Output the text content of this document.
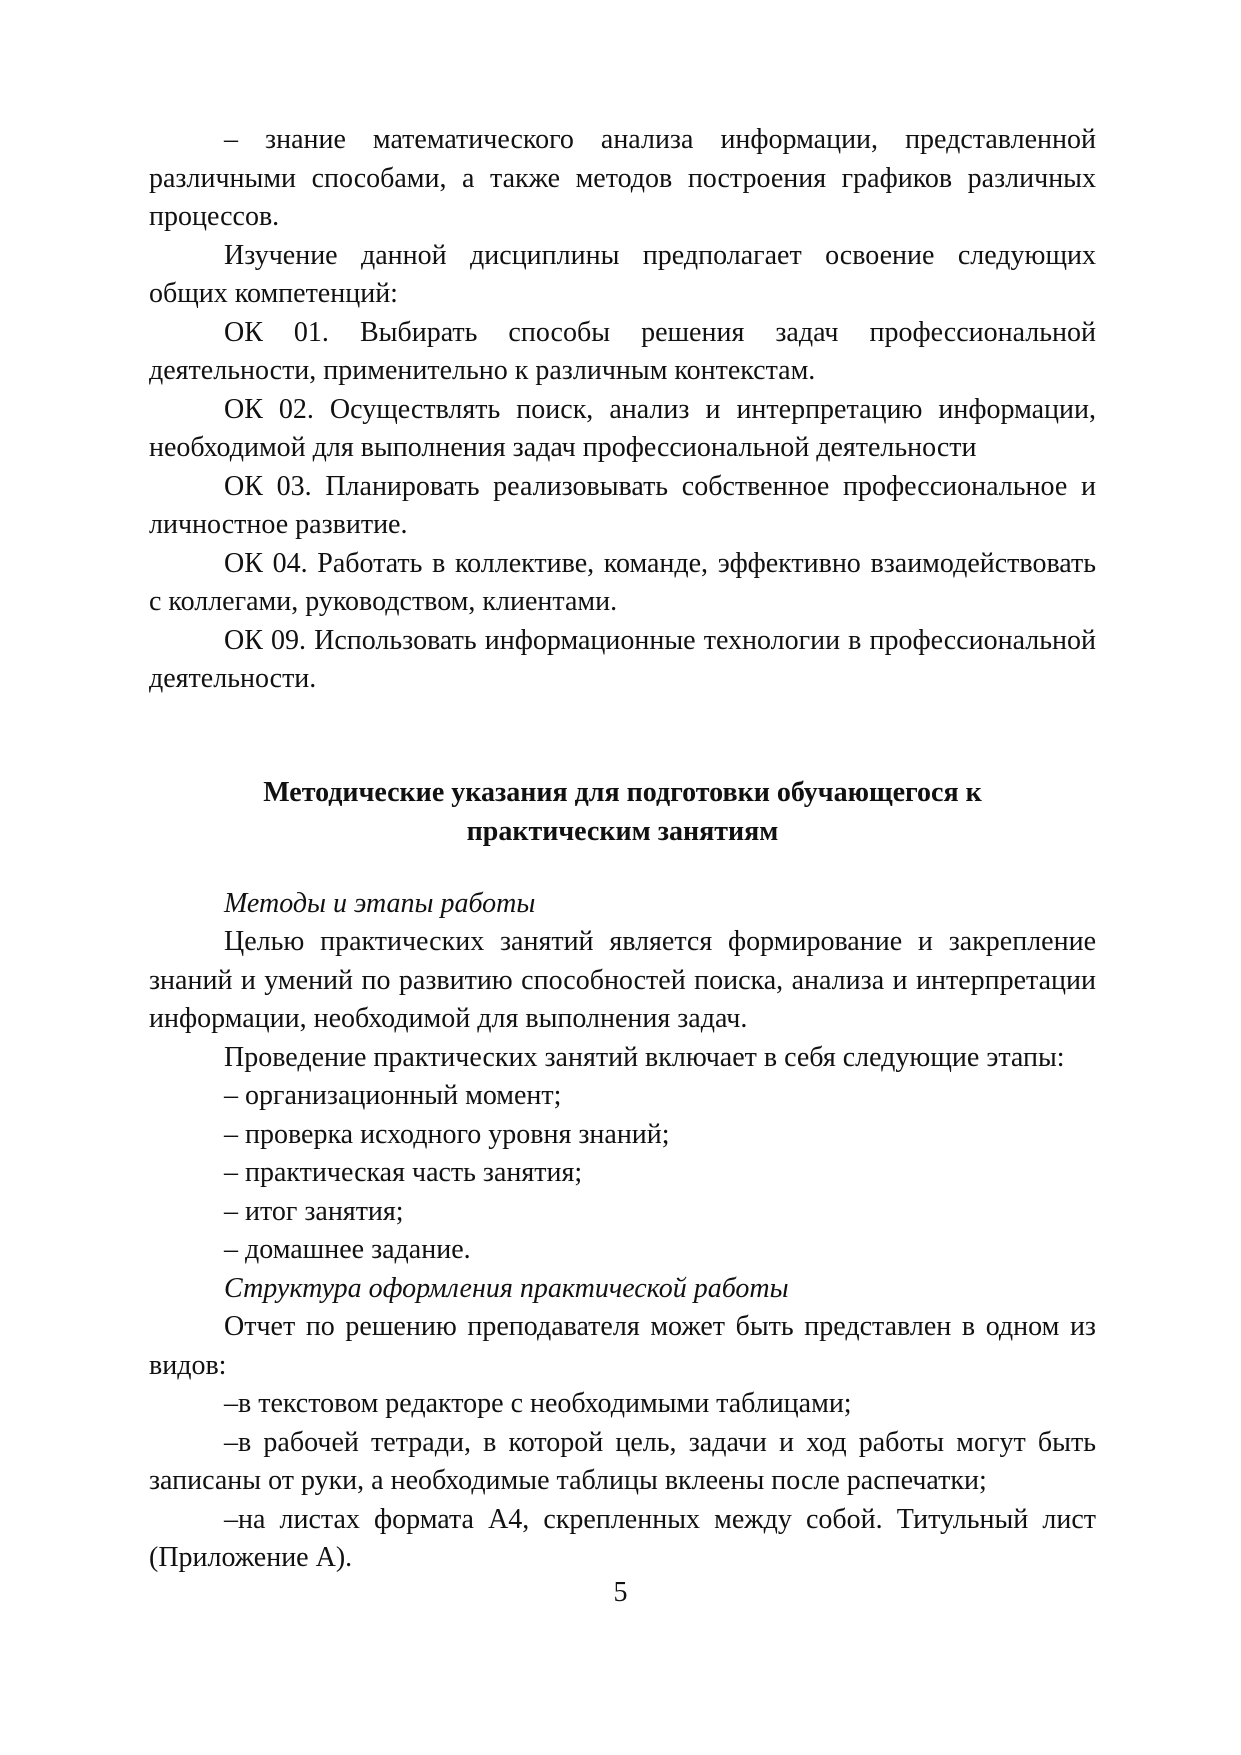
– знание математического анализа информации, представленной различными способами, а также методов построения графиков различных процессов.

Изучение данной дисциплины предполагает освоение следующих общих компетенций:

ОК 01. Выбирать способы решения задач профессиональной деятельности, применительно к различным контекстам.

ОК 02. Осуществлять поиск, анализ и интерпретацию информации, необходимой для выполнения задач профессиональной деятельности

ОК 03. Планировать реализовывать собственное профессиональное и личностное развитие.

ОК 04. Работать в коллективе, команде, эффективно взаимодействовать с коллегами, руководством, клиентами.

ОК 09. Использовать информационные технологии в профессиональной деятельности.

Методические указания для подготовки обучающегося к
практическим занятиям

Методы и этапы работы

Целью практических занятий является формирование и закрепление знаний и умений по развитию способностей поиска, анализа и интерпретации информации, необходимой для выполнения задач.

Проведение практических занятий включает в себя следующие этапы:

– организационный момент;

– проверка исходного уровня знаний;

– практическая часть занятия;

– итог занятия;

– домашнее задание.

Структура оформления практической работы

Отчет по решению преподавателя может быть представлен в одном из видов:

–в текстовом редакторе с необходимыми таблицами;

–в рабочей тетради, в которой цель, задачи и ход работы могут быть записаны от руки, а необходимые таблицы вклеены после распечатки;

–на листах формата А4, скрепленных между собой. Титульный лист (Приложение А).

5
